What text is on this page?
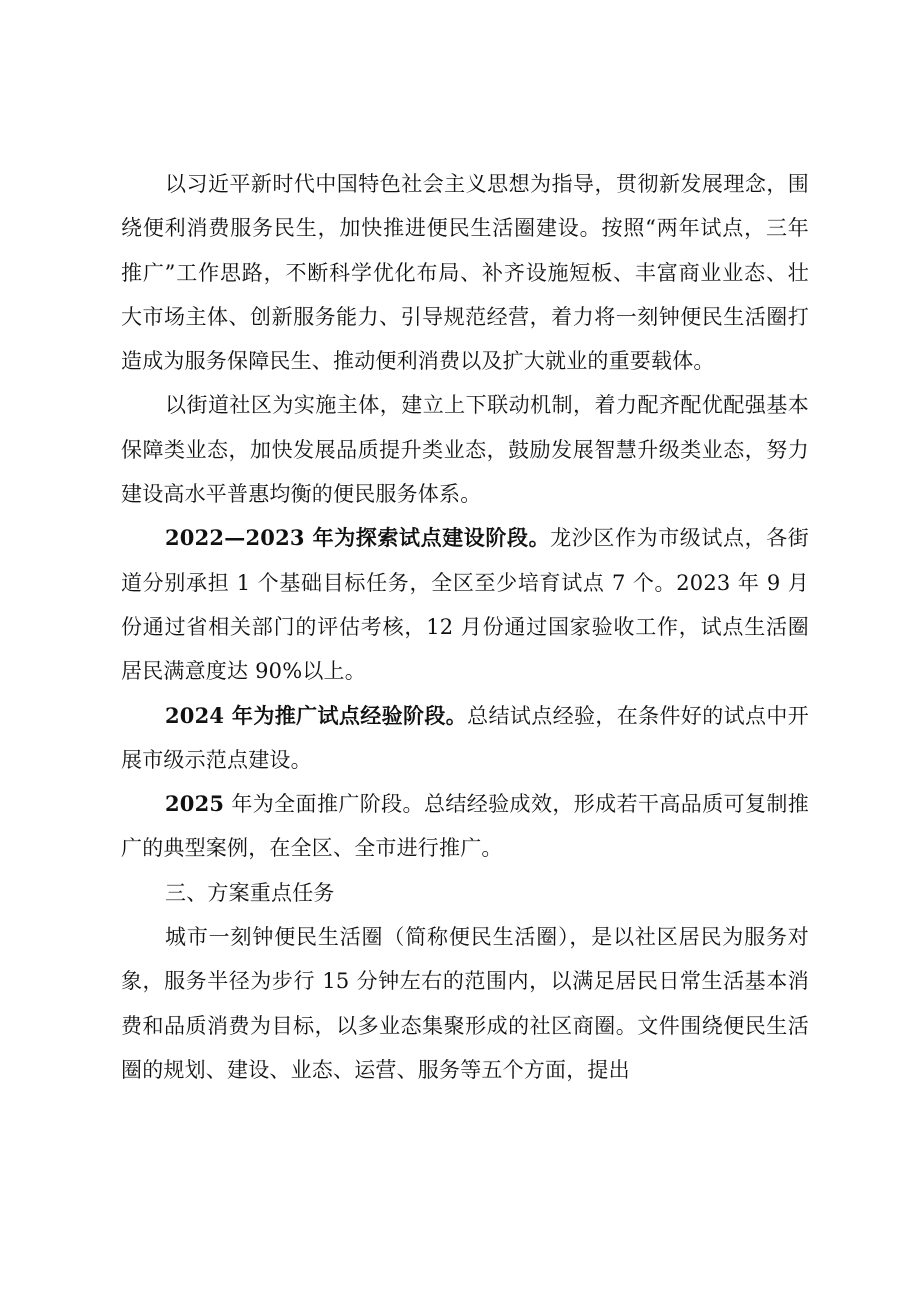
以习近平新时代中国特色社会主义思想为指导，贯彻新发展理念，围绕便利消费服务民生，加快推进便民生活圈建设。按照“两年试点，三年推广”工作思路，不断科学优化布局、补齐设施短板、丰富商业业态、壮大市场主体、创新服务能力、引导规范经营，着力将一刻钟便民生活圈打造成为服务保障民生、推动便利消费以及扩大就业的重要载体。

以街道社区为实施主体，建立上下联动机制，着力配齐配优配强基本保障类业态，加快发展品质提升类业态，鼓励发展智慧升级类业态，努力建设高水平普惠均衡的便民服务体系。

2022—2023 年为探索试点建设阶段。龙沙区作为市级试点，各街道分别承担 1 个基础目标任务，全区至少培育试点 7 个。2023 年 9 月份通过省相关部门的评估考核，12 月份通过国家验收工作，试点生活圈居民满意度达 90%以上。

2024 年为推广试点经验阶段。总结试点经验，在条件好的试点中开展市级示范点建设。

2025 年为全面推广阶段。总结经验成效，形成若干高品质可复制推广的典型案例，在全区、全市进行推广。

三、方案重点任务

城市一刻钟便民生活圈（简称便民生活圈），是以社区居民为服务对象，服务半径为步行 15 分钟左右的范围内，以满足居民日常生活基本消费和品质消费为目标，以多业态集聚形成的社区商圈。文件围绕便民生活圈的规划、建设、业态、运营、服务等五个方面，提出
